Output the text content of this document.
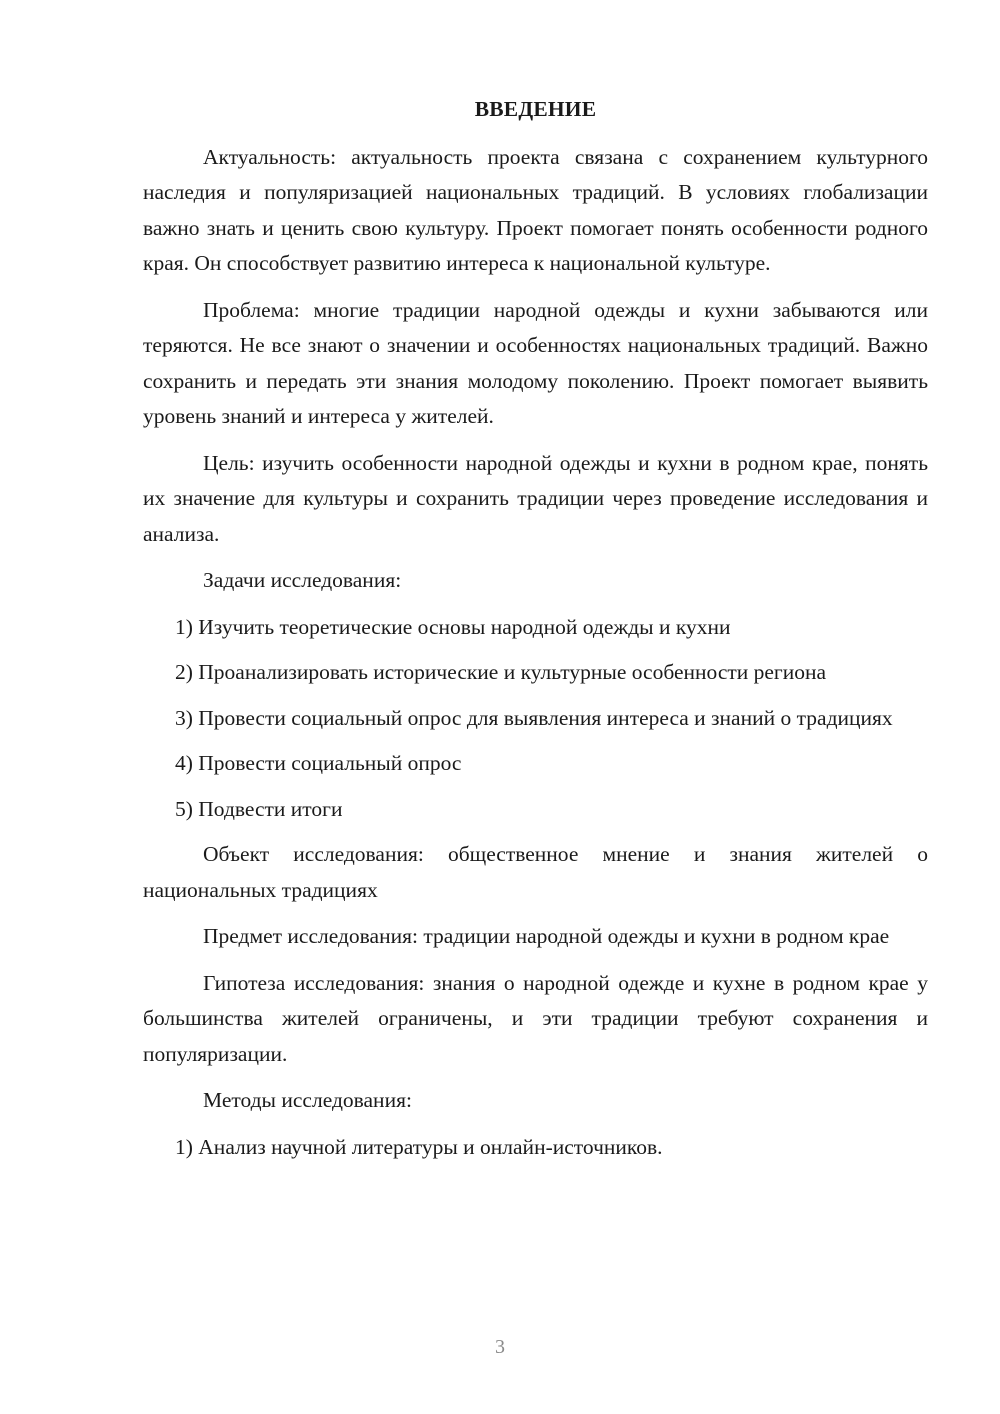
ВВЕДЕНИЕ

Актуальность: актуальность проекта связана с сохранением культурного наследия и популяризацией национальных традиций. В условиях глобализации важно знать и ценить свою культуру. Проект помогает понять особенности родного края. Он способствует развитию интереса к национальной культуре.

Проблема: многие традиции народной одежды и кухни забываются или теряются. Не все знают о значении и особенностях национальных традиций. Важно сохранить и передать эти знания молодому поколению. Проект помогает выявить уровень знаний и интереса у жителей.

Цель: изучить особенности народной одежды и кухни в родном крае, понять их значение для культуры и сохранить традиции через проведение исследования и анализа.

Задачи исследования:

1) Изучить теоретические основы народной одежды и кухни

2) Проанализировать исторические и культурные особенности региона

3) Провести социальный опрос для выявления интереса и знаний о традициях

4) Провести социальный опрос

5) Подвести итоги

Объект исследования: общественное мнение и знания жителей о национальных традициях

Предмет исследования: традиции народной одежды и кухни в родном крае

Гипотеза исследования: знания о народной одежде и кухне в родном крае у большинства жителей ограничены, и эти традиции требуют сохранения и популяризации.

Методы исследования:

1) Анализ научной литературы и онлайн-источников.

3
